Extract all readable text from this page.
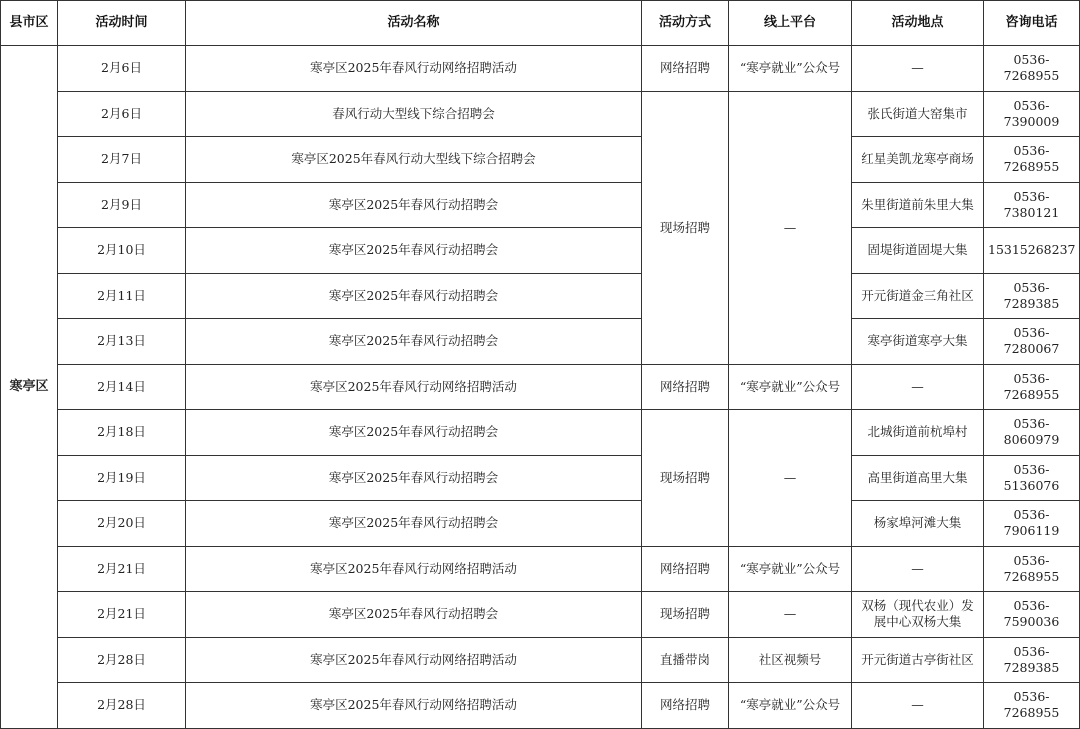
县市区	活动时间	活动名称	活动方式	线上平台	活动地点	咨询电话
寒亭区	2月6日	寒亭区2025年春风行动网络招聘活动	网络招聘	“寒亭就业”公众号	—	0536-7268955
	2月6日	春风行动大型线下综合招聘会	现场招聘	—	张氏街道大窑集市	0536-7390009
	2月7日	寒亭区2025年春风行动大型线下综合招聘会			红星美凯龙寒亭商场	0536-7268955
	2月9日	寒亭区2025年春风行动招聘会			朱里街道前朱里大集	0536-7380121
	2月10日	寒亭区2025年春风行动招聘会			固堤街道固堤大集	15315268237
	2月11日	寒亭区2025年春风行动招聘会			开元街道金三角社区	0536-7289385
	2月13日	寒亭区2025年春风行动招聘会			寒亭街道寒亭大集	0536-7280067
	2月14日	寒亭区2025年春风行动网络招聘活动	网络招聘	“寒亭就业”公众号	—	0536-7268955
	2月18日	寒亭区2025年春风行动招聘会	现场招聘	—	北城街道前杭埠村	0536-8060979
	2月19日	寒亭区2025年春风行动招聘会			高里街道高里大集	0536-5136076
	2月20日	寒亭区2025年春风行动招聘会			杨家埠河滩大集	0536-7906119
	2月21日	寒亭区2025年春风行动网络招聘活动	网络招聘	“寒亭就业”公众号	—	0536-7268955
	2月21日	寒亭区2025年春风行动招聘会	现场招聘	—	双杨（现代农业）发展中心双杨大集	0536-7590036
	2月28日	寒亭区2025年春风行动网络招聘活动	直播带岗	社区视频号	开元街道古亭街社区	0536-7289385
	2月28日	寒亭区2025年春风行动网络招聘活动	网络招聘	“寒亭就业”公众号	—	0536-7268955
